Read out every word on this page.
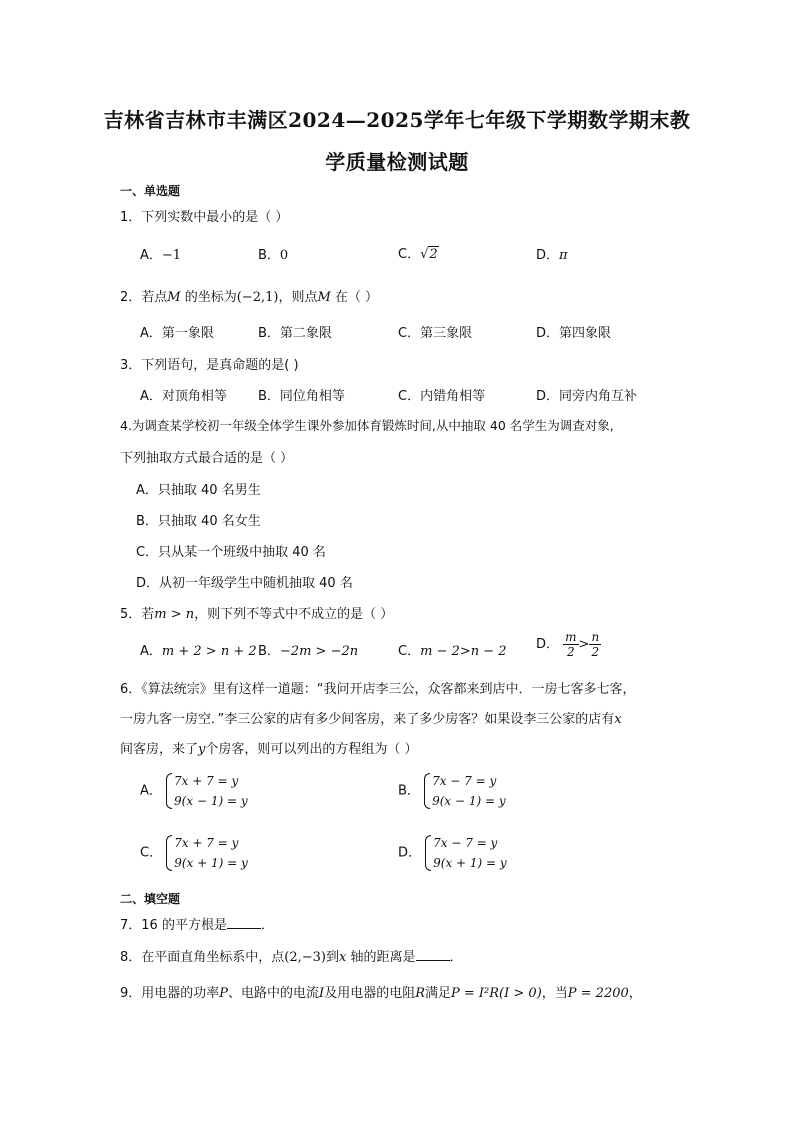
吉林省吉林市丰满区2024—2025学年七年级下学期数学期末教
学质量检测试题
一、单选题
1．下列实数中最小的是（ ）
A．−1	B．0	C．√2	D．π
2．若点M 的坐标为(−2,1)，则点M 在（ ）
A．第一象限	B．第二象限	C．第三象限	D．第四象限
3．下列语句，是真命题的是( )
A．对顶角相等 B．同位角相等	C．内错角相等	D．同旁内角互补
4.为调查某学校初一年级全体学生课外参加体育锻炼时间,从中抽取 40 名学生为调查对象,
下列抽取方式最合适的是（ ）
A．只抽取 40 名男生
B．只抽取 40 名女生
C．只从某一个班级中抽取 40 名
D．从初一年级学生中随机抽取 40 名
5．若m > n，则下列不等式中不成立的是（ ）
A．m + 2 > n + 2 B．−2m > −2n	C．m − 2>n − 2 D． $\frac{m}{2} > \frac{n}{2}$
6．《算法统宗》里有这样一道题：“我问开店李三公，众客都来到店中．一房七客多七客，
一房九客一房空．”李三公家的店有多少间客房，来了多少房客？如果设李三公家的店有x
间客房，来了y个房客，则可以列出的方程组为（ ）
A．
7x + 7 = y
9(x − 1) = y
B．
7x − 7 = y
9(x − 1) = y
C．
7x + 7 = y
9(x + 1) = y
D．
7x − 7 = y
9(x + 1) = y
二、填空题
7．16 的平方根是	．
8．在平面直角坐标系中，点(2,−3)到x 轴的距离是	．
9．用电器的功率P、电路中的电流I及用电器的电阻R满足P = I²R(I > 0)，当P = 2200，
